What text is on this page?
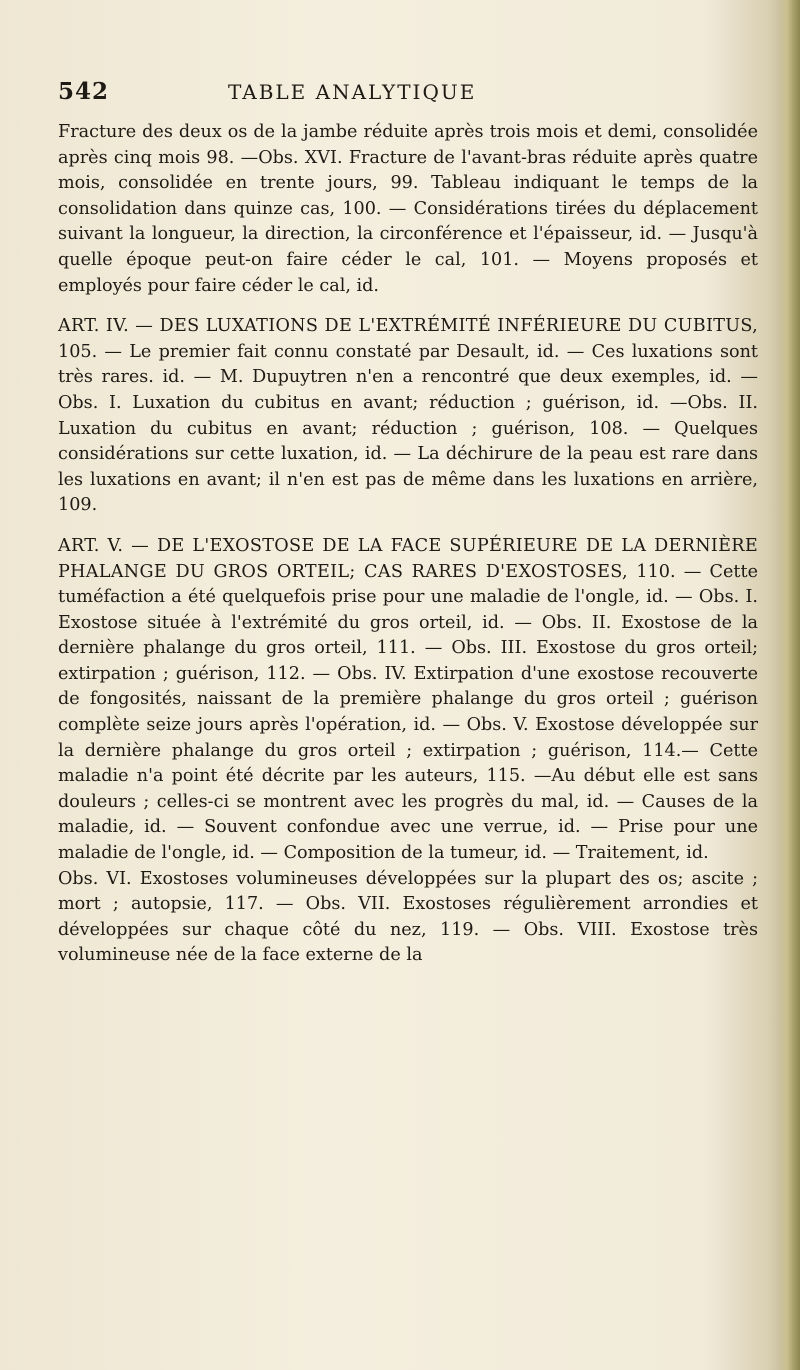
542	TABLE ANALYTIQUE

Fracture des deux os de la jambe réduite après trois mois et demi, consolidée après cinq mois 98. —Obs. XVI. Fracture de l'avant-bras réduite après quatre mois, consolidée en trente jours, 99. Tableau indiquant le temps de la consolidation dans quinze cas, 100. — Considérations tirées du déplacement suivant la longueur, la direction, la circonférence et l'épaisseur, id. — Jusqu'à quelle époque peut-on faire céder le cal, 101. — Moyens proposés et employés pour faire céder le cal, id.

ART. IV. — DES LUXATIONS DE L'EXTRÉMITÉ INFÉRIEURE DU CUBITUS, 105. — Le premier fait connu constaté par Desault, id. — Ces luxations sont très rares. id. — M. Dupuytren n'en a rencontré que deux exemples, id. — Obs. I. Luxation du cubitus en avant; réduction ; guérison, id. —Obs. II. Luxation du cubitus en avant; réduction ; guérison, 108. — Quelques considérations sur cette luxation, id. — La déchirure de la peau est rare dans les luxations en avant; il n'en est pas de même dans les luxations en arrière, 109.

ART. V. — DE L'EXOSTOSE DE LA FACE SUPÉRIEURE DE LA DERNIÈRE PHALANGE DU GROS ORTEIL; CAS RARES D'EXOSTOSES, 110. — Cette tuméfaction a été quelquefois prise pour une maladie de l'ongle, id. — Obs. I. Exostose située à l'extrémité du gros orteil, id. — Obs. II. Exostose de la dernière phalange du gros orteil, 111. — Obs. III. Exostose du gros orteil; extirpation ; guérison, 112. — Obs. IV. Extirpation d'une exostose recouverte de fongosités, naissant de la première phalange du gros orteil ; guérison complète seize jours après l'opération, id. — Obs. V. Exostose développée sur la dernière phalange du gros orteil ; extirpation ; guérison, 114.— Cette maladie n'a point été décrite par les auteurs, 115. —Au début elle est sans douleurs ; celles-ci se montrent avec les progrès du mal, id. — Causes de la maladie, id. — Souvent confondue avec une verrue, id. — Prise pour une maladie de l'ongle, id. — Composition de la tumeur, id. — Traitement, id.

Obs. VI. Exostoses volumineuses développées sur la plupart des os; ascite ; mort ; autopsie, 117. — Obs. VII. Exostoses régulièrement arrondies et développées sur chaque côté du nez, 119. — Obs. VIII. Exostose très volumineuse née de la face externe de la
